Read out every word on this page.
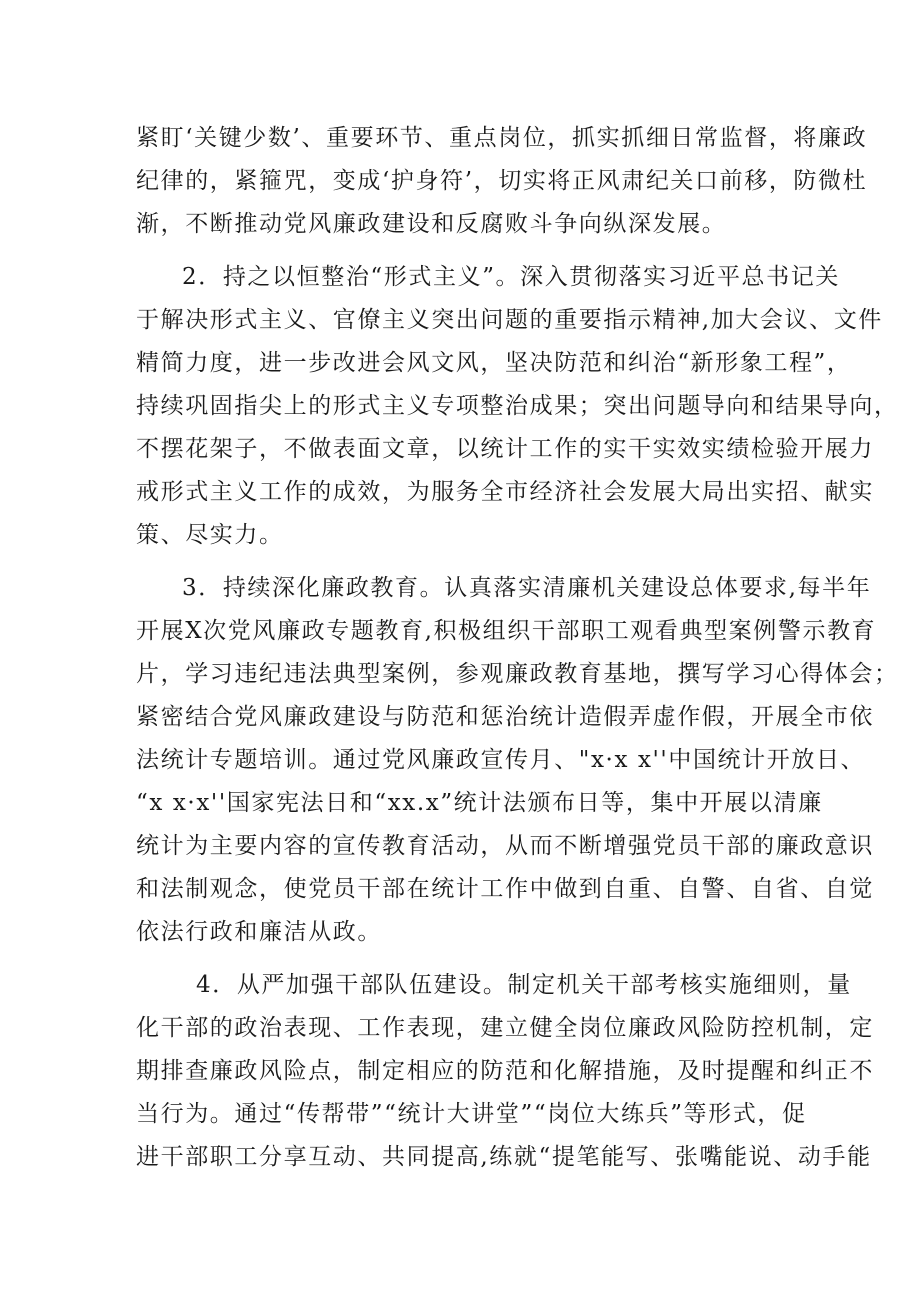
紧盯‘关键少数’、重要环节、重点岗位，抓实抓细日常监督，将廉政
纪律的，紧箍咒，变成‘护身符’，切实将正风肃纪关口前移，防微杜
渐，不断推动党风廉政建设和反腐败斗争向纵深发展。
2．持之以恒整治“形式主义”。深入贯彻落实习近平总书记关
于解决形式主义、官僚主义突出问题的重要指示精神,加大会议、文件
精简力度，进一步改进会风文风，坚决防范和纠治“新形象工程”，
持续巩固指尖上的形式主义专项整治成果；突出问题导向和结果导向，
不摆花架子，不做表面文章，以统计工作的实干实效实绩检验开展力
戒形式主义工作的成效，为服务全市经济社会发展大局出实招、献实
策、尽实力。
3．持续深化廉政教育。认真落实清廉机关建设总体要求,每半年
开展X次党风廉政专题教育,积极组织干部职工观看典型案例警示教育
片，学习违纪违法典型案例，参观廉政教育基地，撰写学习心得体会；
紧密结合党风廉政建设与防范和惩治统计造假弄虚作假，开展全市依
法统计专题培训。通过党风廉政宣传月、"x·x x''中国统计开放日、
“x x·x''国家宪法日和“xx.x”统计法颁布日等，集中开展以清廉
统计为主要内容的宣传教育活动，从而不断增强党员干部的廉政意识
和法制观念，使党员干部在统计工作中做到自重、自警、自省、自觉
依法行政和廉洁从政。
4．从严加强干部队伍建设。制定机关干部考核实施细则，量
化干部的政治表现、工作表现，建立健全岗位廉政风险防控机制，定
期排查廉政风险点，制定相应的防范和化解措施，及时提醒和纠正不
当行为。通过“传帮带”“统计大讲堂”“岗位大练兵”等形式，促
进干部职工分享互动、共同提高,练就“提笔能写、张嘴能说、动手能
